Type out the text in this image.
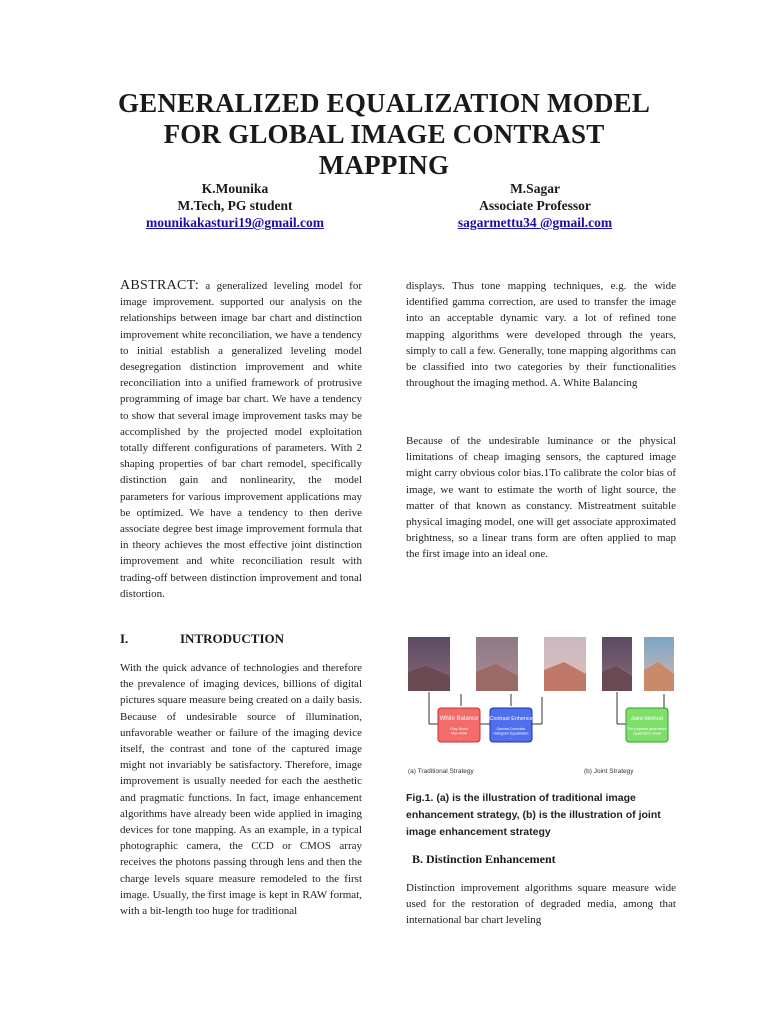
GENERALIZED EQUALIZATION MODEL
FOR GLOBAL IMAGE CONTRAST
MAPPING
K.Mounika
M.Tech, PG student
mounikakasturi19@gmail.com
M.Sagar
Associate Professor
sagarmettu34 @gmail.com

ABSTRACT: a generalized leveling model for image improvement. supported our analysis on the relationships between image bar chart and distinction improvement white reconciliation, we have a tendency to initial establish a generalized leveling model desegregation distinction improvement and white reconciliation into a unified framework of protrusive programming of image bar chart. We have a tendency to show that several image improvement tasks may be accomplished by the projected model exploitation totally different configurations of parameters. With 2 shaping properties of bar chart remodel, specifically distinction gain and nonlinearity, the model parameters for various improvement applications may be optimized. We have a tendency to then derive associate degree best image improvement formula that in theory achieves the most effective joint distinction improvement and white reconciliation result with trading-off between distinction improvement and tonal distortion.

I.	INTRODUCTION

With the quick advance of technologies and therefore the prevalence of imaging devices, billions of digital pictures square measure being created on a daily basis. Because of undesirable source of illumination, unfavorable weather or failure of the imaging device itself, the contrast and tone of the captured image might not invariably be satisfactory. Therefore, image improvement is usually needed for each the aesthetic and pragmatic functions. In fact, image enhancement algorithms have already been wide applied in imaging devices for tone mapping. As an example, in a typical photographic camera, the CCD or CMOS array receives the photons passing through lens and then the charge levels square measure remodeled to the first image. Usually, the first image is kept in RAW format, with a bit-length too huge for traditional

displays. Thus tone mapping techniques, e.g. the wide identified gamma correction, are used to transfer the image into an acceptable dynamic vary. a lot of refined tone mapping algorithms were developed through the years, simply to call a few. Generally, tone mapping algorithms can be classified into two categories by their functionalities throughout the imaging method. A. White Balancing

Because of the undesirable luminance or the physical limitations of cheap imaging sensors, the captured image might carry obvious color bias.1To calibrate the color bias of image, we want to estimate the worth of light source, the matter of that known as constancy. Mistreatment suitable physical imaging model, one will get associate approximated brightness, so a linear trans form are often applied to map the first image into an ideal one.

White Balance
Gray World Max-RGB ...
Contrast Enhence
Gamma Correction Histogram Equalization ...
Joint Method
The proposed generalized equalization model
(a) Traditional Strategy	(b) Joint Strategy
Fig.1. (a) is the illustration of traditional image enhancement strategy, (b) is the illustration of joint image enhancement strategy
B. Distinction Enhancement

Distinction improvement algorithms square measure wide used for the restoration of degraded media, among that international bar chart leveling
